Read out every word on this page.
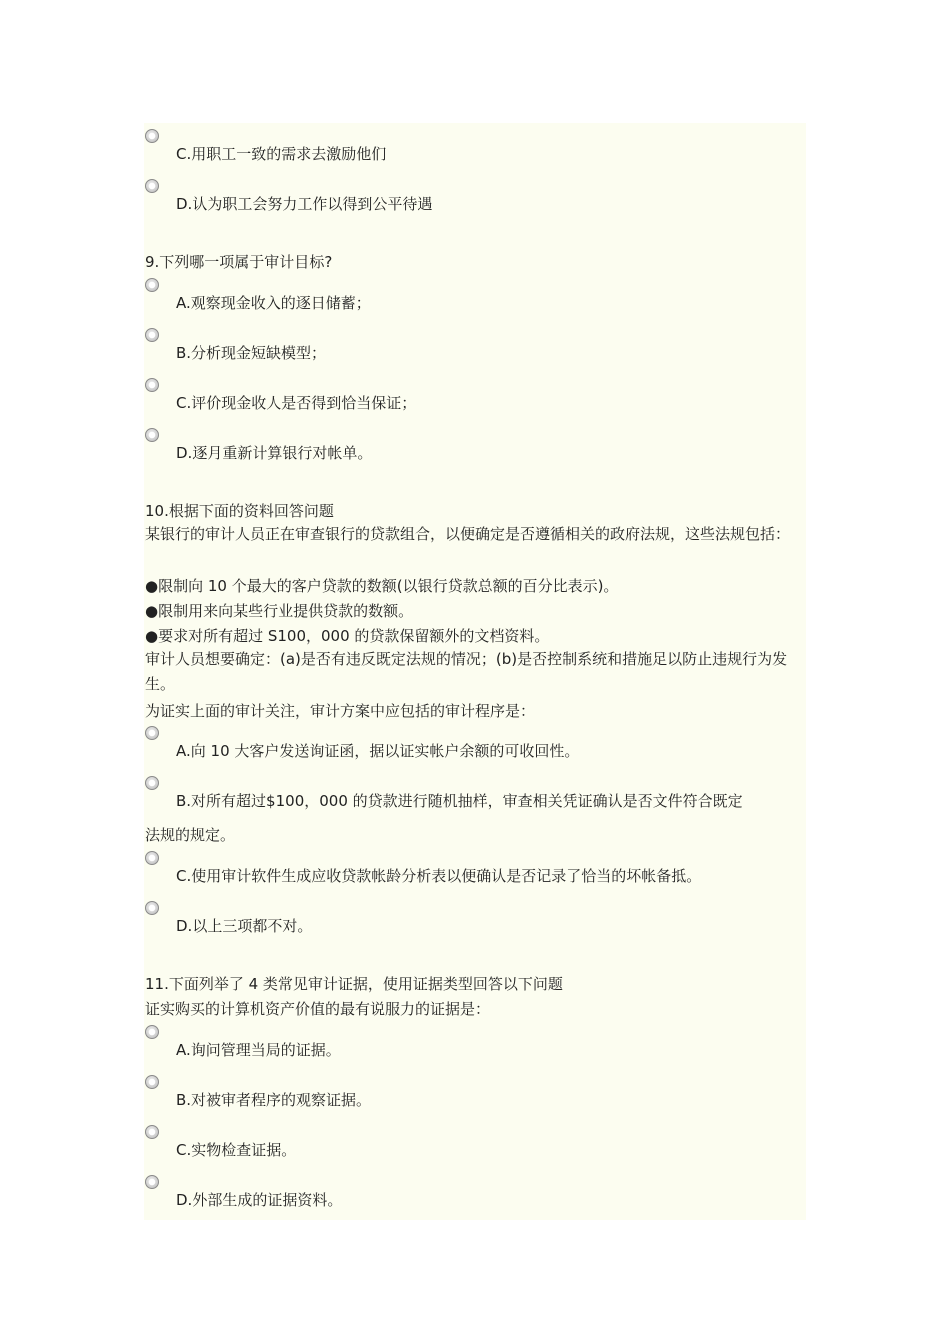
C.用职工一致的需求去激励他们
D.认为职工会努力工作以得到公平待遇
9.下列哪一项属于审计目标?
A.观察现金收入的逐日储蓄；
B.分析现金短缺模型；
C.评价现金收人是否得到恰当保证；
D.逐月重新计算银行对帐单。
10.根据下面的资料回答问题
某银行的审计人员正在审查银行的贷款组合，以便确定是否遵循相关的政府法规，这些法规包括：
●限制向 10 个最大的客户贷款的数额(以银行贷款总额的百分比表示)。
●限制用来向某些行业提供贷款的数额。
●要求对所有超过 S100，000 的贷款保留额外的文档资料。
审计人员想要确定：(a)是否有违反既定法规的情况；(b)是否控制系统和措施足以防止违规行为发生。
为证实上面的审计关注，审计方案中应包括的审计程序是：
A.向 10 大客户发送询证函，据以证实帐户余额的可收回性。
B.对所有超过$100，000 的贷款进行随机抽样，审查相关凭证确认是否文件符合既定
法规的规定。
C.使用审计软件生成应收贷款帐龄分析表以便确认是否记录了恰当的坏帐备抵。
D.以上三项都不对。
11.下面列举了 4 类常见审计证据，使用证据类型回答以下问题
证实购买的计算机资产价值的最有说服力的证据是：
A.询问管理当局的证据。
B.对被审者程序的观察证据。
C.实物检查证据。
D.外部生成的证据资料。
